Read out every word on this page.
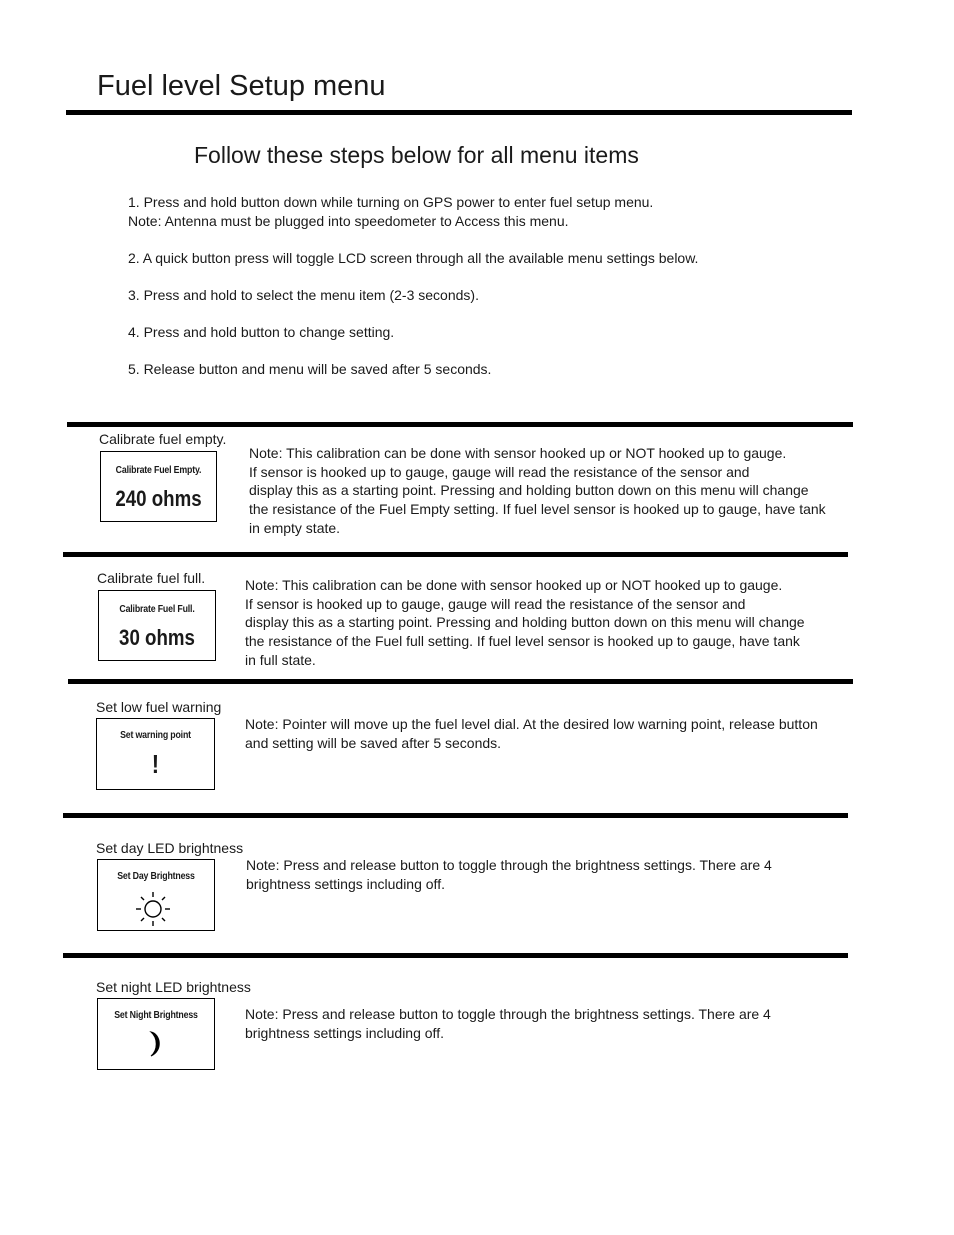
Fuel level Setup menu
Follow these steps below for all menu items

1. Press and hold button down while turning on GPS power to enter fuel setup menu.
Note: Antenna must be plugged into speedometer to Access this menu.

2. A quick button press will toggle LCD screen through all the available menu settings below.

3. Press and hold to select the menu item (2-3 seconds).

4. Press and hold button to change setting.

5. Release button and menu will be saved after 5 seconds.

Calibrate fuel empty.
Calibrate Fuel Empty.
240 ohms

Note: This calibration can be done with sensor hooked up or NOT hooked up to gauge.

If sensor is hooked up to gauge, gauge will read the resistance of the sensor and

display this as a starting point. Pressing and holding button down on this menu will change

the resistance of the Fuel Empty setting. If fuel level sensor is hooked up to gauge, have tank

in empty state.

Calibrate fuel full.
Calibrate Fuel Full.
30 ohms

Note: This calibration can be done with sensor hooked up or NOT hooked up to gauge.

If sensor is hooked up to gauge, gauge will read the resistance of the sensor and

display this as a starting point. Pressing and holding button down on this menu will change

the resistance of the Fuel full setting. If fuel level sensor is hooked up to gauge, have tank

in full state.

Set low fuel warning
Set warning point
!

Note: Pointer will move up the fuel level dial. At the desired low warning point, release button

and setting will be saved after 5 seconds.

Set day LED brightness
Set Day Brightness

Note: Press and release button to toggle through the brightness settings. There are 4

brightness settings including off.

Set night LED brightness
Set Night Brightness	Note: Press and release button to toggle through the brightness settings. There are 4

brightness settings including off.
